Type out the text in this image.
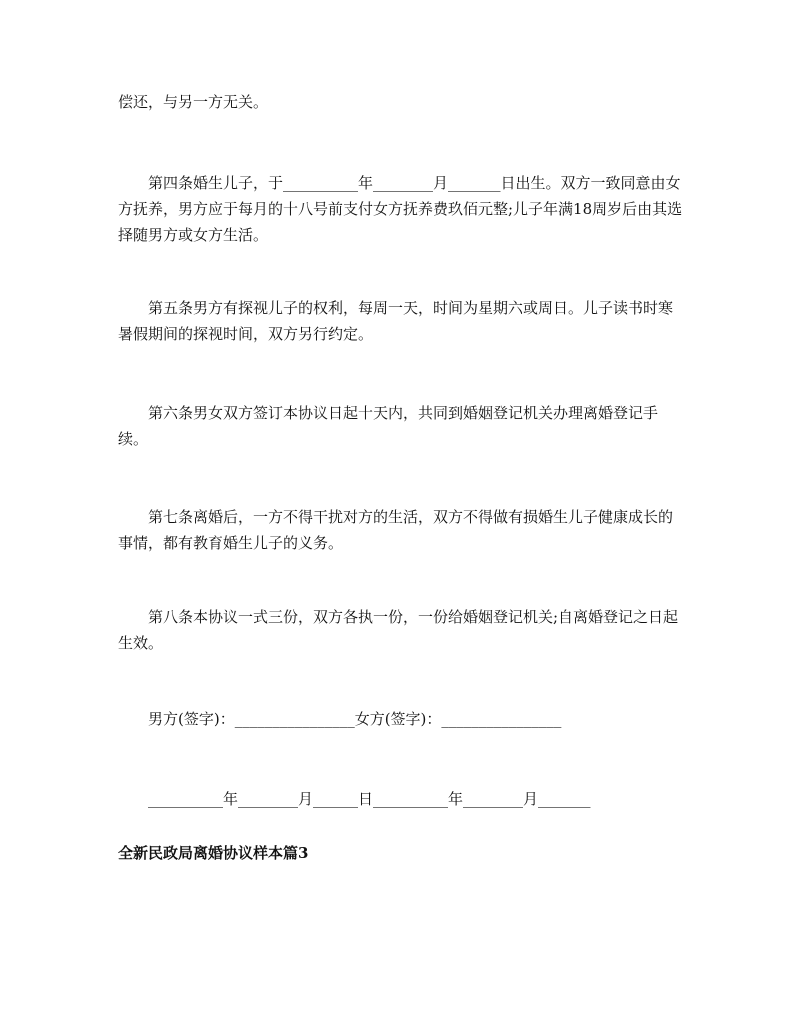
偿还，与另一方无关。
第四条婚生儿子，于__________年________月_______日出生。双方一致同意由女方抚养，男方应于每月的十八号前支付女方抚养费玖佰元整;儿子年满18周岁后由其选择随男方或女方生活。
第五条男方有探视儿子的权利，每周一天，时间为星期六或周日。儿子读书时寒暑假期间的探视时间，双方另行约定。
第六条男女双方签订本协议日起十天内，共同到婚姻登记机关办理离婚登记手续。
第七条离婚后，一方不得干扰对方的生活，双方不得做有损婚生儿子健康成长的事情，都有教育婚生儿子的义务。
第八条本协议一式三份，双方各执一份，一份给婚姻登记机关;自离婚登记之日起生效。
男方(签字)：________________女方(签字)：________________
__________年________月______日__________年________月_______
全新民政局离婚协议样本篇3
